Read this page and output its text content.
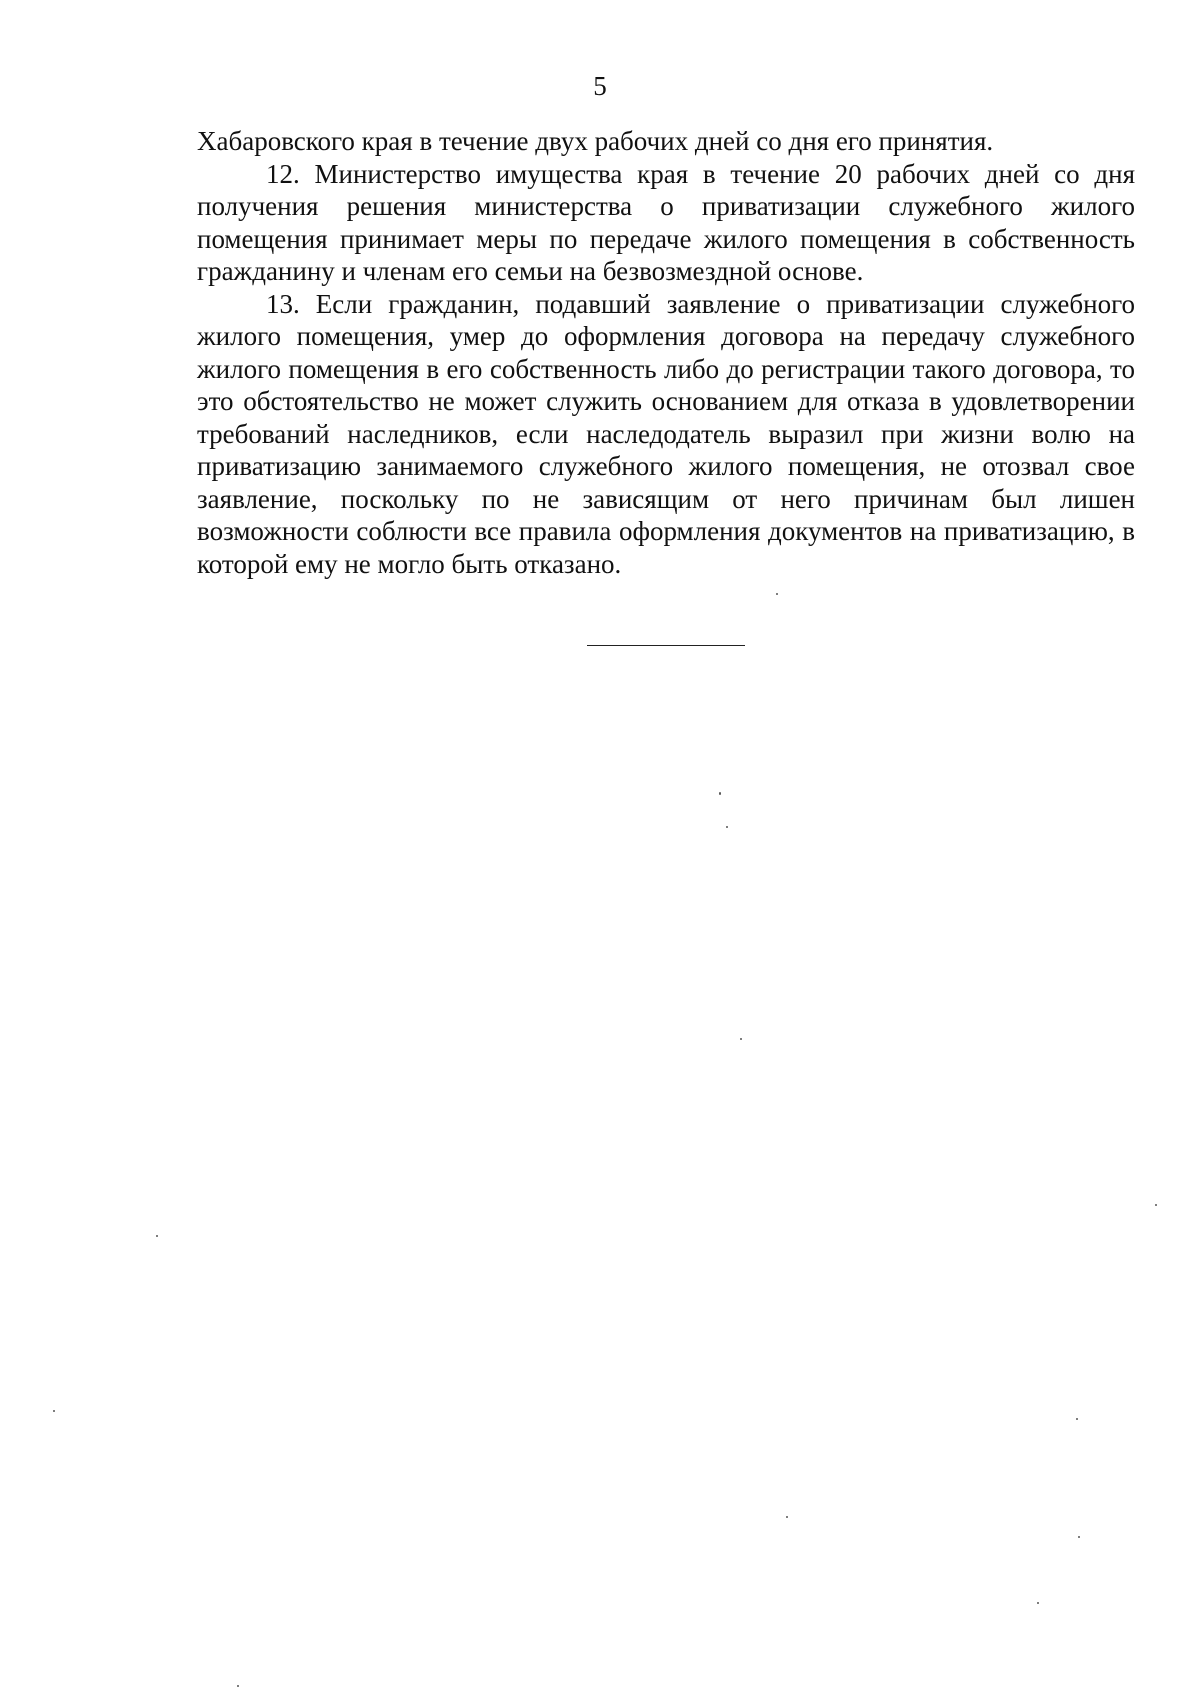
5

Хабаровского края в течение двух рабочих дней со дня его принятия.

12. Министерство имущества края в течение 20 рабочих дней со дня получения решения министерства о приватизации служебного жилого помещения принимает меры по передаче жилого помещения в собственность гражданину и членам его семьи на безвозмездной основе.

13. Если гражданин, подавший заявление о приватизации служебного жилого помещения, умер до оформления договора на передачу служебного жилого помещения в его собственность либо до регистрации такого договора, то это обстоятельство не может служить основанием для отказа в удовлетворении требований наследников, если наследодатель выразил при жизни волю на приватизацию занимаемого служебного жилого помещения, не отозвал свое заявление, поскольку по не зависящим от него причинам был лишен возможности соблюсти все правила оформления документов на приватизацию, в которой ему не могло быть отказано.
